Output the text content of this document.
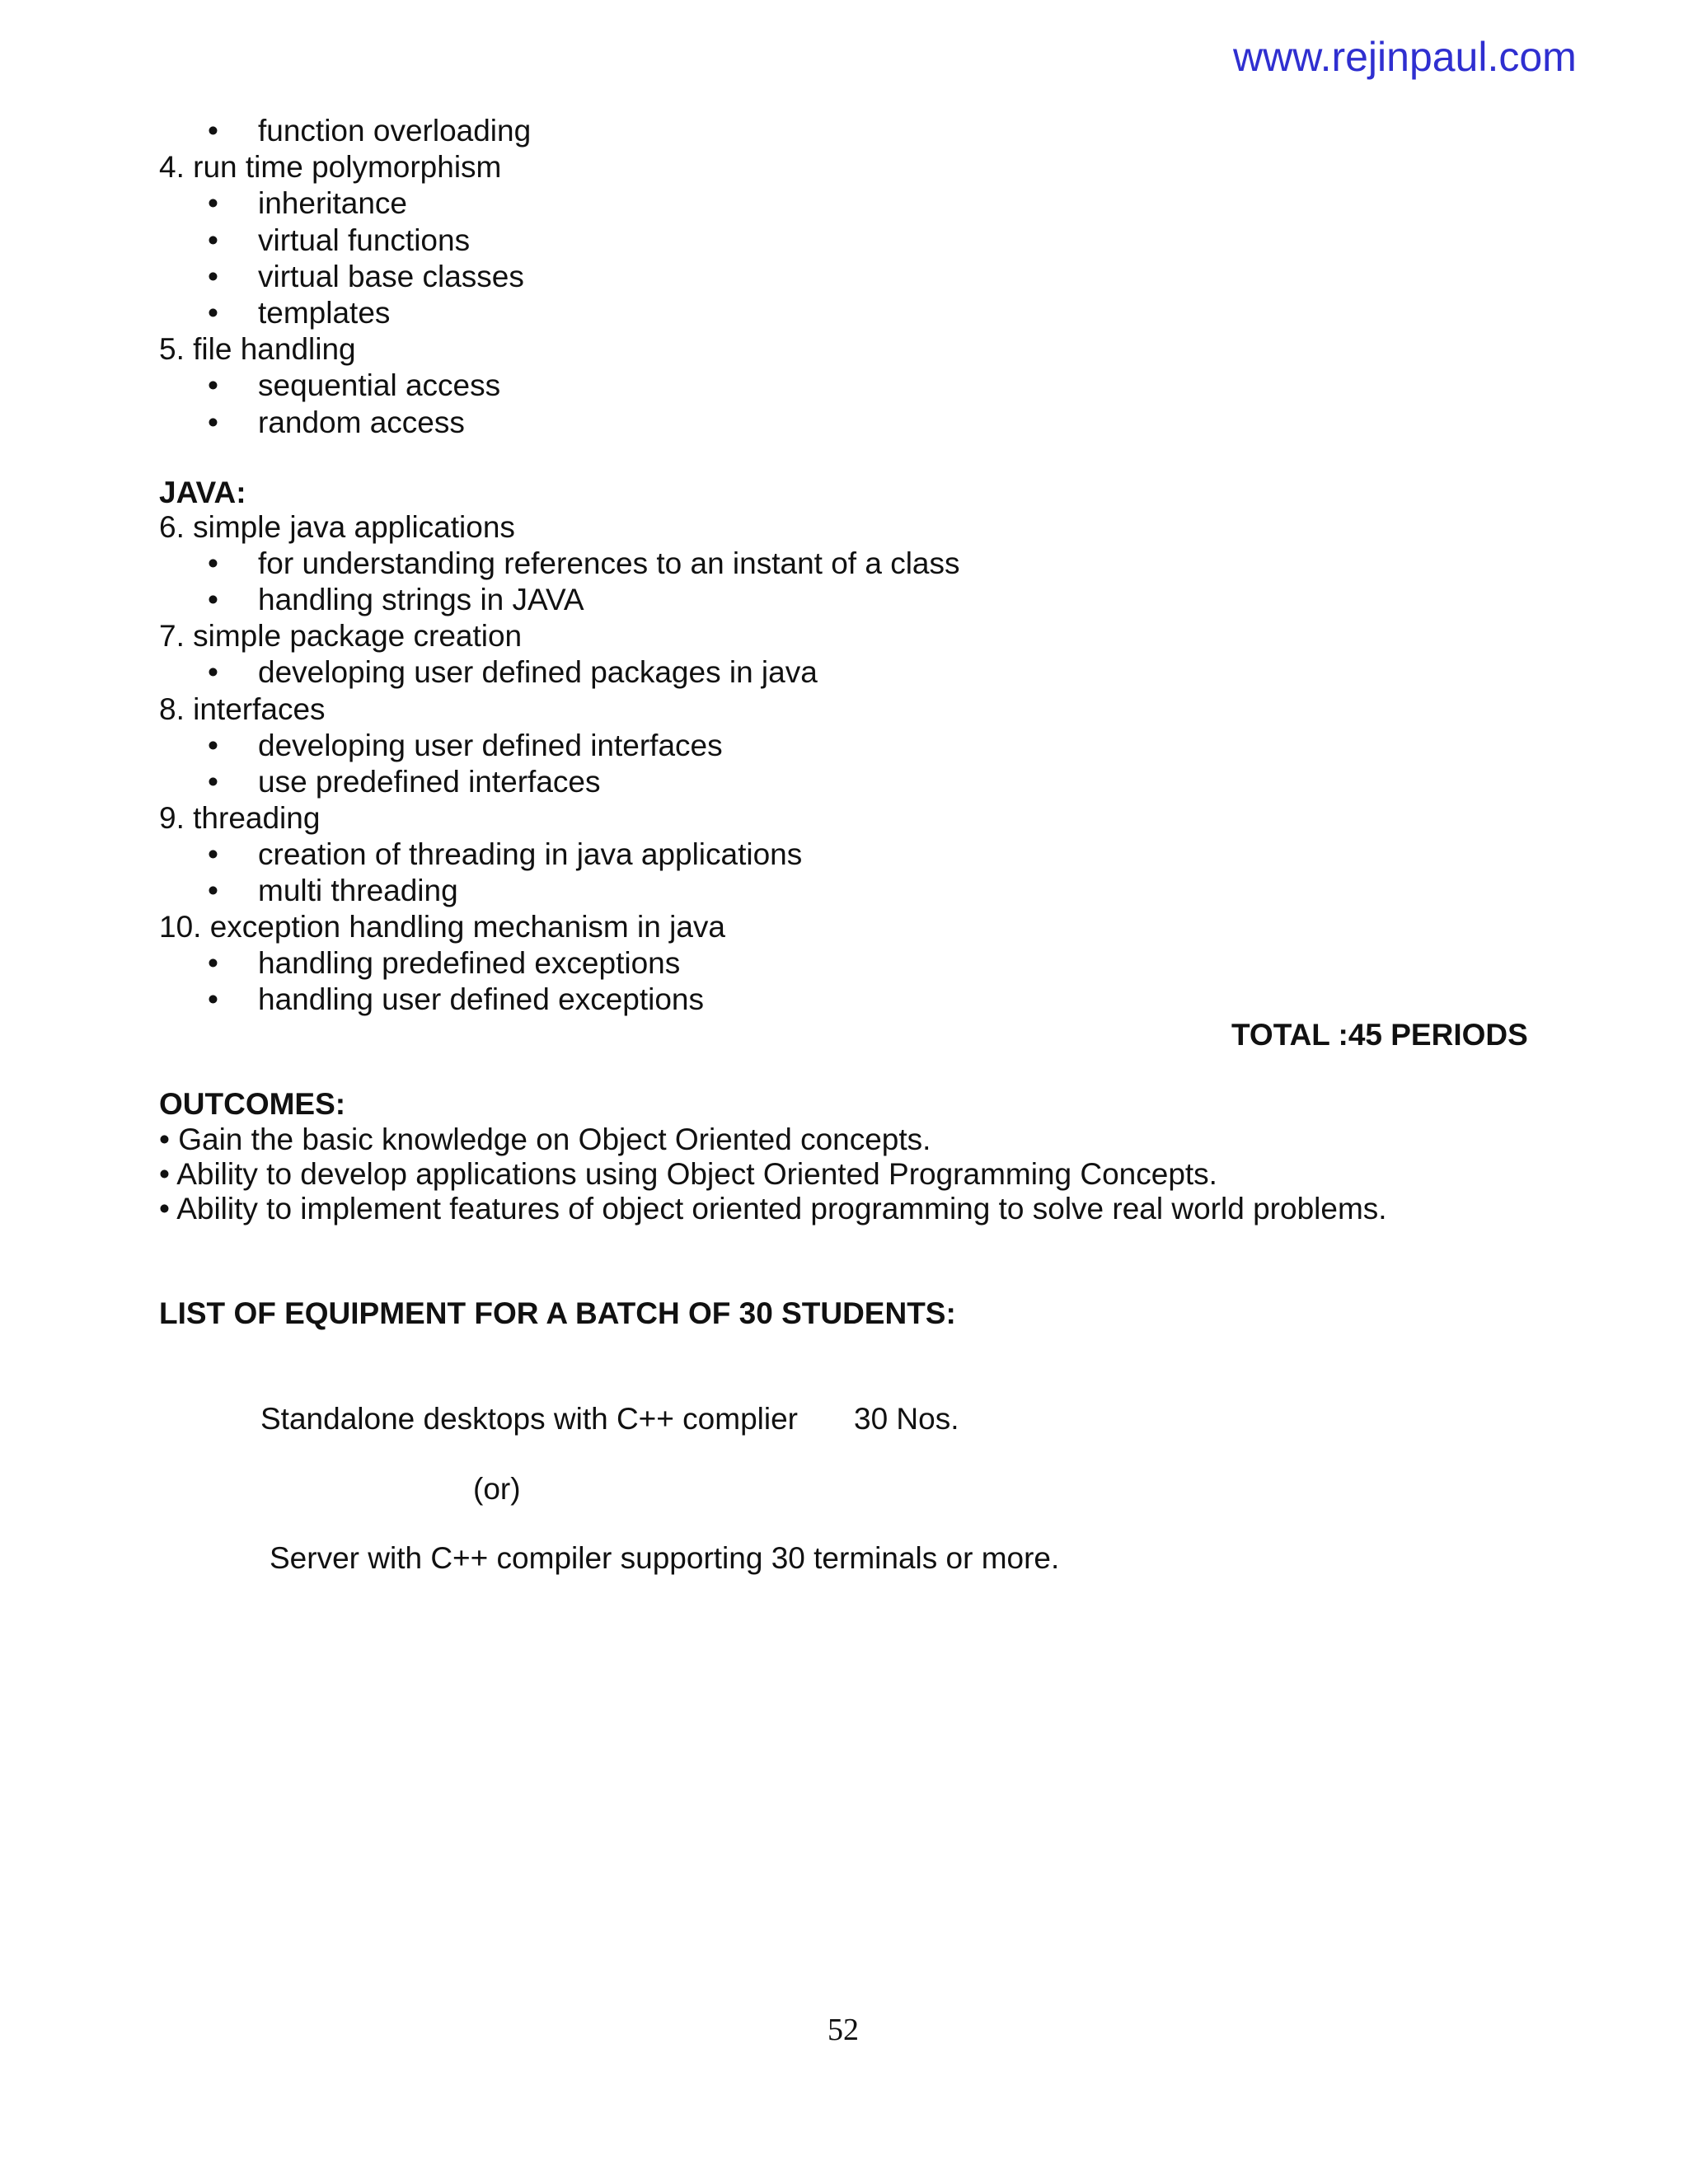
www.rejinpaul.com
• function overloading
4. run time polymorphism
• inheritance
• virtual functions
• virtual base classes
• templates
5. file handling
• sequential access
• random access
JAVA:
6. simple java applications
• for understanding references to an instant of a class
• handling strings in JAVA
7. simple package creation
• developing user defined packages in java
8. interfaces
• developing user defined interfaces
• use predefined interfaces
9. threading
• creation of threading in java applications
• multi threading
10. exception handling mechanism in java
• handling predefined exceptions
• handling user defined exceptions
TOTAL :45 PERIODS
OUTCOMES:
• Gain the basic knowledge on Object Oriented concepts.
• Ability to develop applications using Object Oriented Programming Concepts.
• Ability to implement features of object oriented programming to solve real world problems.
LIST OF EQUIPMENT FOR A BATCH OF 30 STUDENTS:
Standalone desktops with C++ complier 30 Nos.
(or)
Server with C++ compiler supporting 30 terminals or more.
52
